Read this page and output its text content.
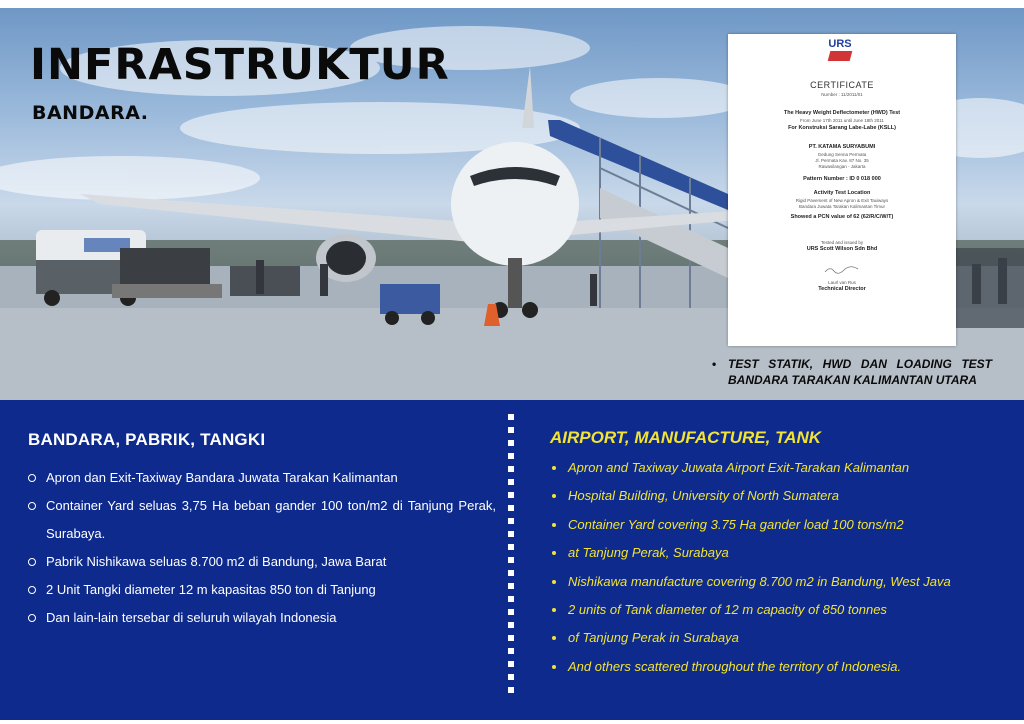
INFRASTRUKTUR
BANDARA.
URS
CERTIFICATE
Number : 11/2011/01
The Heavy Weight Deflectometer (HWD) Test
From June 17th 2011 until June 18th 2011
For Konstruksi Sarang Labe-Labe (KSLL)
PT. KATAMA SURYABUMI
Gedung Senna Permata
Jl. Permata Kav. 87 No. 35
Rawasilangan - Jakarta
Pattern Number : ID 0 018 000
Activity Test Location
Rigid Pavement of New Apron & Exit Taxiways
Bandara Juwata Tarakan Kalimantan Timur
Showed a PCN value of 62 (62/R/C/W/T)
Tested and issued by
URS Scott Wilson Sdn Bhd
Laurl van Rus
Technical Director
• TEST STATIK, HWD DAN LOADING TEST
BANDARA TARAKAN KALIMANTAN UTARA
BANDARA, PABRIK, TANGKI
Apron dan Exit-Taxiway Bandara Juwata Tarakan Kalimantan
Container Yard seluas 3,75 Ha beban gander 100 ton/m2 di Tanjung Perak, Surabaya.
Pabrik Nishikawa seluas 8.700 m2 di Bandung, Jawa Barat
2 Unit Tangki diameter 12 m kapasitas 850 ton di Tanjung
Dan lain-lain tersebar di seluruh wilayah Indonesia
AIRPORT, MANUFACTURE, TANK
Apron and Taxiway Juwata Airport Exit-Tarakan Kalimantan
Hospital Building, University of North Sumatera
Container Yard covering 3.75 Ha gander load 100 tons/m2
at Tanjung Perak, Surabaya
Nishikawa manufacture covering 8.700 m2 in Bandung, West Java
2 units of Tank diameter of 12 m capacity of 850 tonnes
of Tanjung Perak in Surabaya
And others scattered throughout the territory of Indonesia.
